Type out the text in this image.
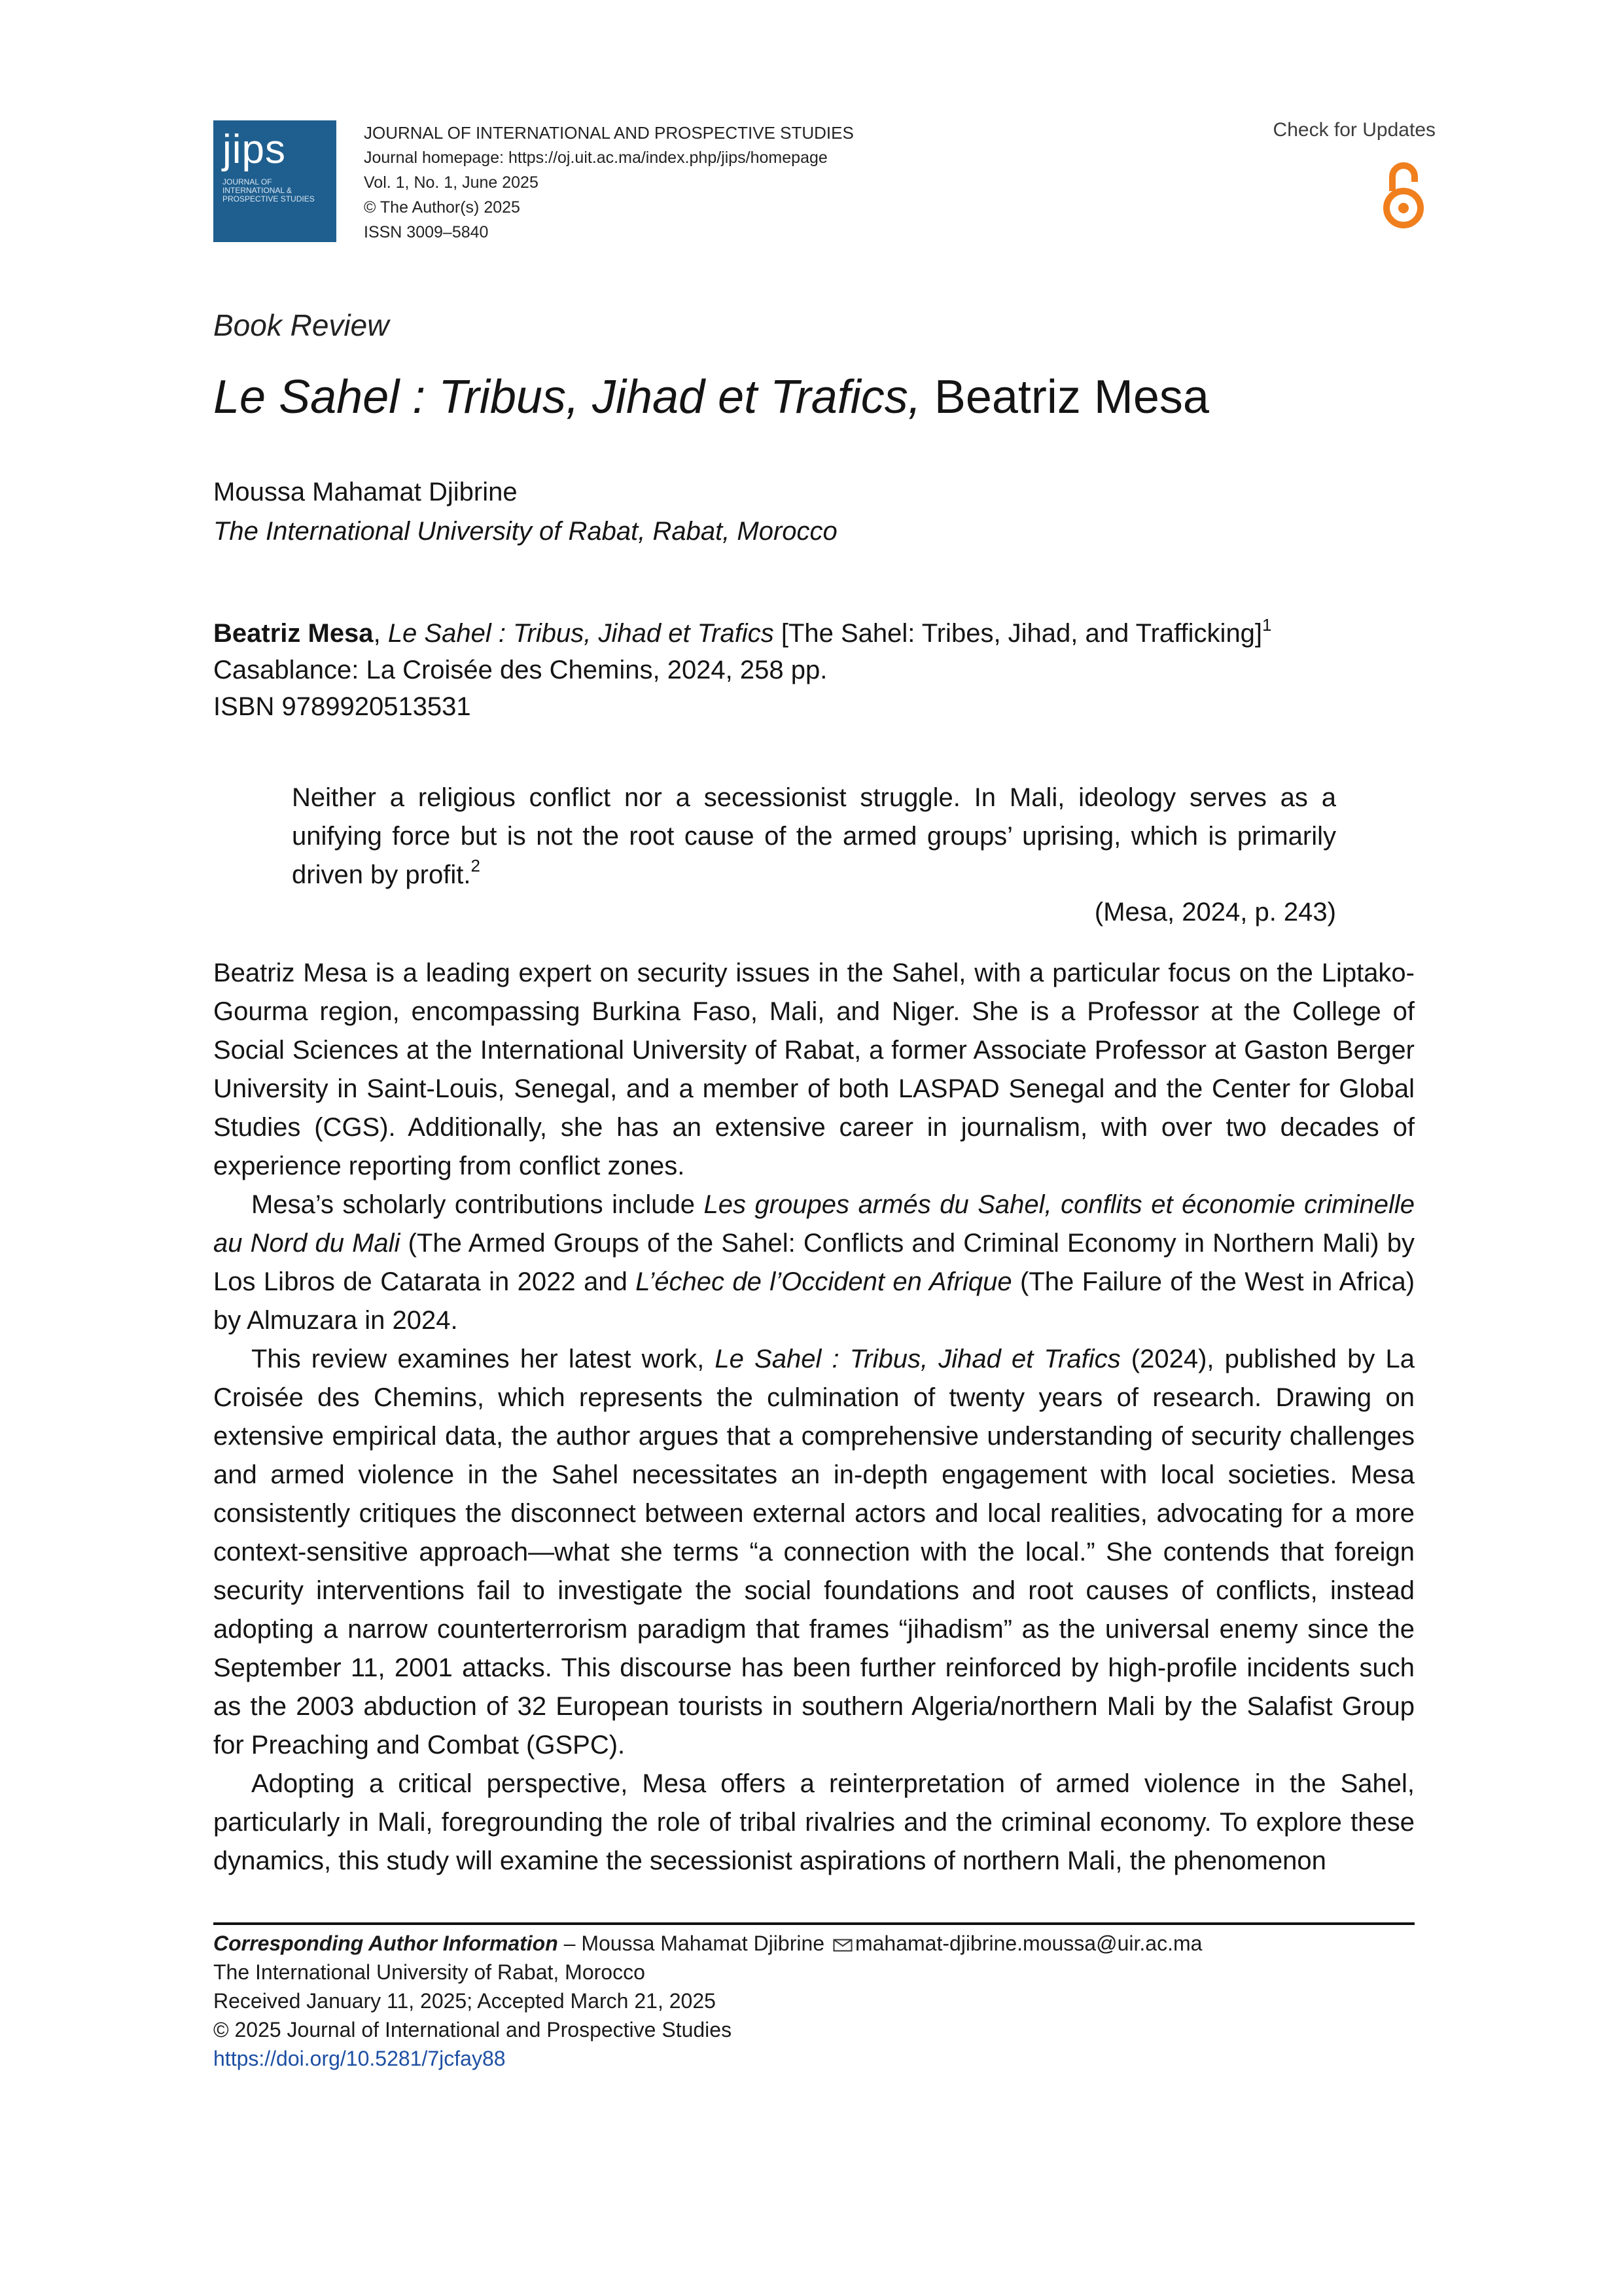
jips
JOURNAL OF INTERNATIONAL & PROSPECTIVE STUDIES
JOURNAL OF INTERNATIONAL AND PROSPECTIVE STUDIES
Journal homepage: https://oj.uit.ac.ma/index.php/jips/homepage
Vol. 1, No. 1, June 2025
© The Author(s) 2025
ISSN 3009–5840
Check for Updates
Book Review
Le Sahel : Tribus, Jihad et Trafics, Beatriz Mesa
Moussa Mahamat Djibrine
The International University of Rabat, Rabat, Morocco
Beatriz Mesa, Le Sahel : Tribus, Jihad et Trafics [The Sahel: Tribes, Jihad, and Trafficking]$^1$
Casablance: La Croisée des Chemins, 2024, 258 pp.
ISBN 9789920513531
Neither a religious conflict nor a secessionist struggle. In Mali, ideology serves as a unifying force but is not the root cause of the armed groups’ uprising, which is primarily driven by profit.$^2$
(Mesa, 2024, p. 243)

Beatriz Mesa is a leading expert on security issues in the Sahel, with a particular focus on the Liptako-Gourma region, encompassing Burkina Faso, Mali, and Niger. She is a Professor at the College of Social Sciences at the International University of Rabat, a former Associate Professor at Gaston Berger University in Saint-Louis, Senegal, and a member of both LASPAD Senegal and the Center for Global Studies (CGS). Additionally, she has an extensive career in journalism, with over two decades of experience reporting from conflict zones.

Mesa’s scholarly contributions include Les groupes armés du Sahel, conflits et économie criminelle au Nord du Mali (The Armed Groups of the Sahel: Conflicts and Criminal Economy in Northern Mali) by Los Libros de Catarata in 2022 and L’échec de l’Occident en Afrique (The Failure of the West in Africa) by Almuzara in 2024.

This review examines her latest work, Le Sahel : Tribus, Jihad et Trafics (2024), published by La Croisée des Chemins, which represents the culmination of twenty years of research. Drawing on extensive empirical data, the author argues that a comprehensive understanding of security challenges and armed violence in the Sahel necessitates an in-depth engagement with local societies. Mesa consistently critiques the disconnect between external actors and local realities, advocating for a more context-sensitive approach—what she terms “a connection with the local.” She contends that foreign security interventions fail to investigate the social foundations and root causes of conflicts, instead adopting a narrow counterterrorism paradigm that frames “jihadism” as the universal enemy since the September 11, 2001 attacks. This discourse has been further reinforced by high-profile incidents such as the 2003 abduction of 32 European tourists in southern Algeria/northern Mali by the Salafist Group for Preaching and Combat (GSPC).

Adopting a critical perspective, Mesa offers a reinterpretation of armed violence in the Sahel, particularly in Mali, foregrounding the role of tribal rivalries and the criminal economy. To explore these dynamics, this study will examine the secessionist aspirations of northern Mali, the phenomenon

Corresponding Author Information – Moussa Mahamat Djibrine mahamat-djibrine.moussa@uir.ac.ma
The International University of Rabat, Morocco
Received January 11, 2025; Accepted March 21, 2025
© 2025 Journal of International and Prospective Studies
https://doi.org/10.5281/7jcfay88
